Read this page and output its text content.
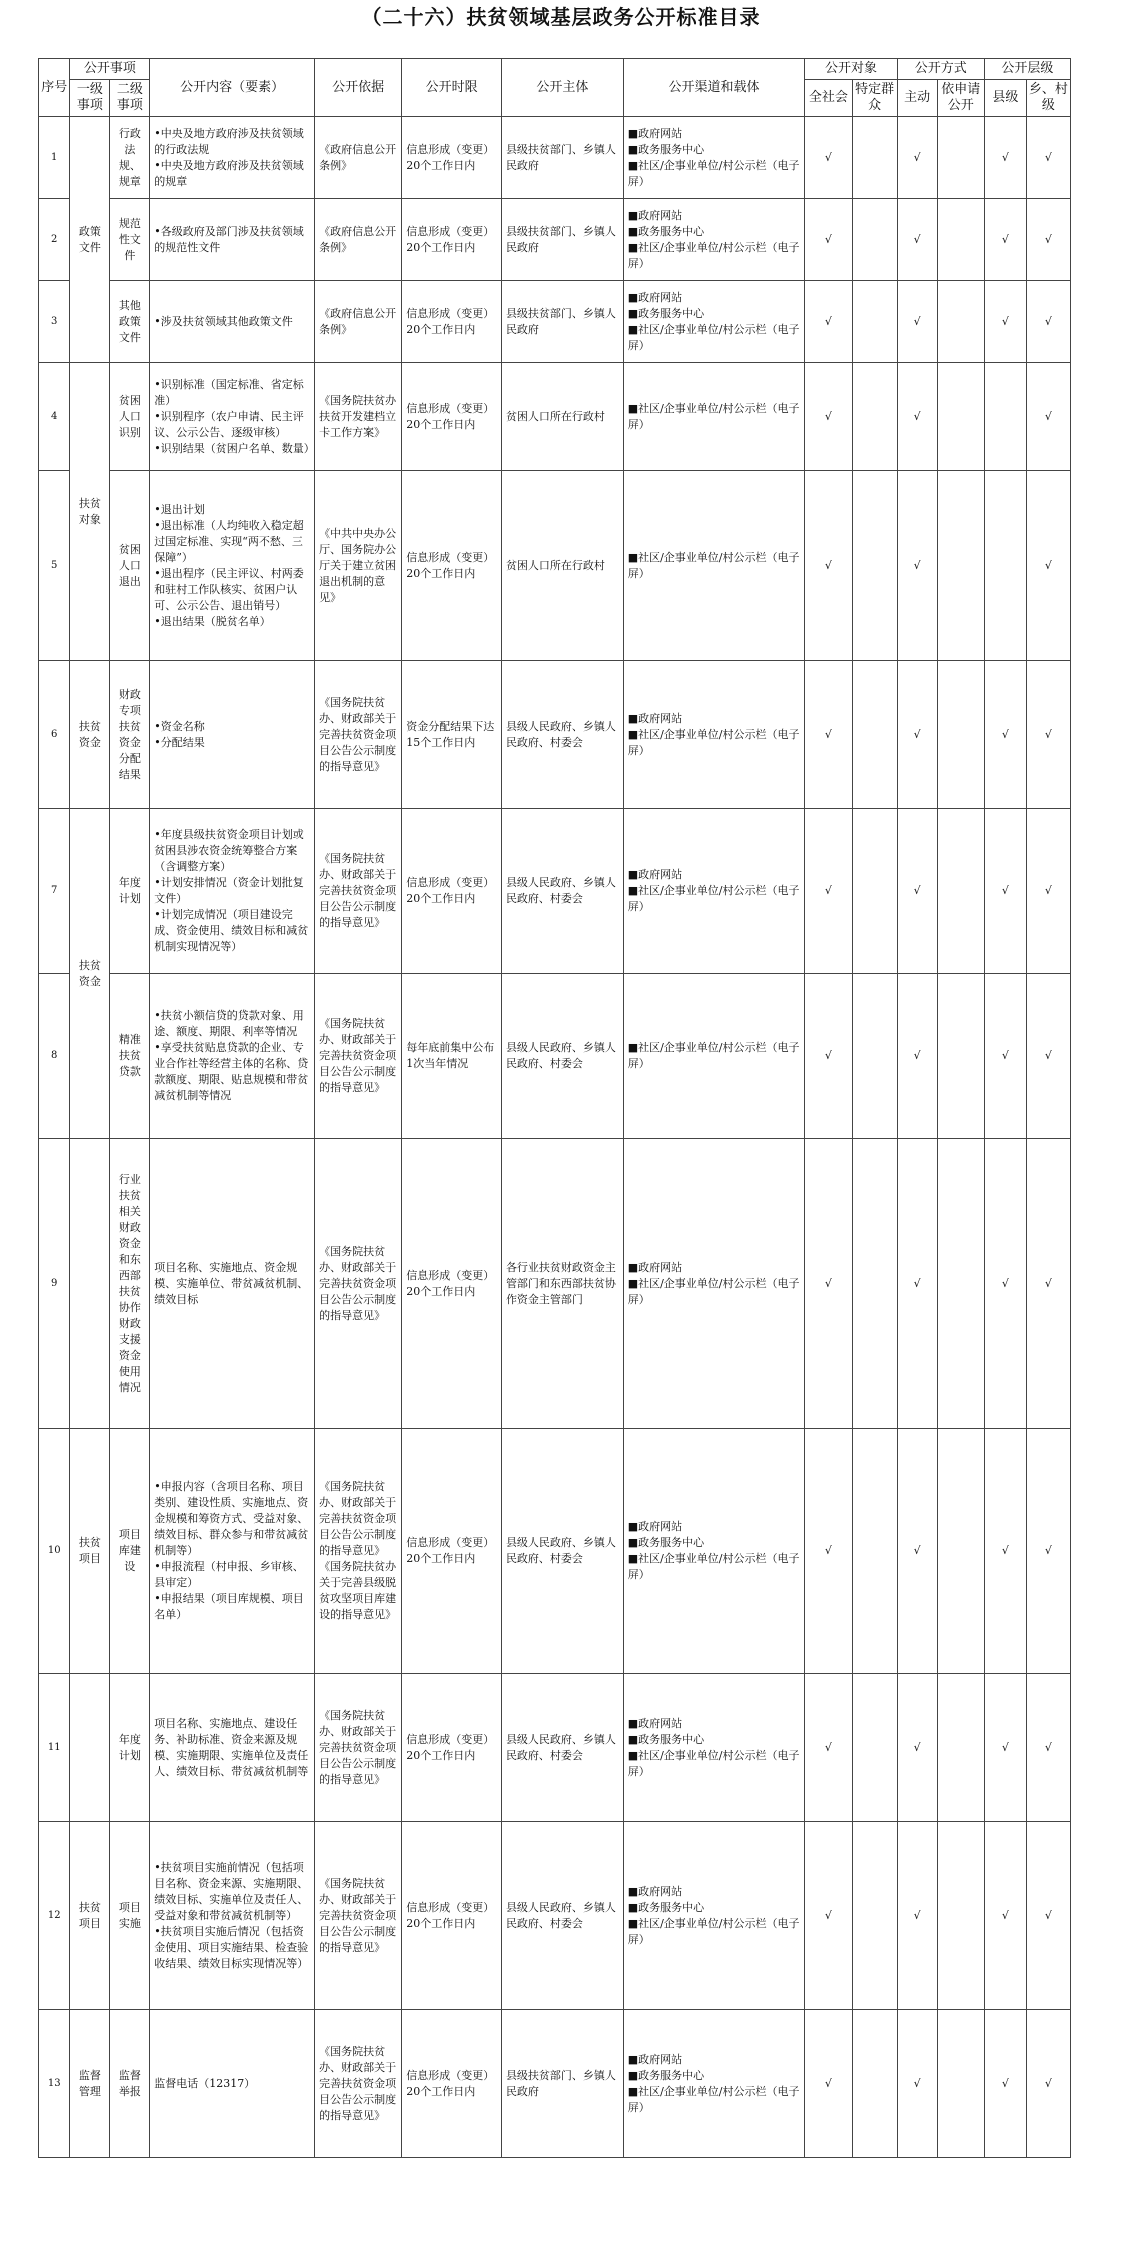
（二十六）扶贫领域基层政务公开标准目录
序号	公开事项		公开内容（要素）	公开依据	公开时限	公开主体	公开渠道和载体	公开对象		公开方式		公开层级	
	一级事项	二级事项						全社会	特定群众	主动	依申请公开	县级	乡、村级
1	政策文件	行政法规、规章	•中央及地方政府涉及扶贫领域的行政法规
•中央及地方政府涉及扶贫领域的规章	《政府信息公开条例》	信息形成（变更）20个工作日内	县级扶贫部门、乡镇人民政府	■政府网站
■政务服务中心
■社区/企事业单位/村公示栏（电子屏）	√		√		√	√
2		规范性文件	•各级政府及部门涉及扶贫领域的规范性文件	《政府信息公开条例》	信息形成（变更）20个工作日内	县级扶贫部门、乡镇人民政府	■政府网站
■政务服务中心
■社区/企事业单位/村公示栏（电子屏）	√		√		√	√
3		其他政策文件	•涉及扶贫领域其他政策文件	《政府信息公开条例》	信息形成（变更）20个工作日内	县级扶贫部门、乡镇人民政府	■政府网站
■政务服务中心
■社区/企事业单位/村公示栏（电子屏）	√		√		√	√
4	扶贫对象	贫困人口识别	•识别标准（国定标准、省定标准）
•识别程序（农户申请、民主评议、公示公告、逐级审核）
•识别结果（贫困户名单、数量）	《国务院扶贫办扶贫开发建档立卡工作方案》	信息形成（变更）20个工作日内	贫困人口所在行政村	■社区/企事业单位/村公示栏（电子屏）	√		√			√
5		贫困人口退出	•退出计划
•退出标准（人均纯收入稳定超过国定标准、实现“两不愁、三保障”）
•退出程序（民主评议、村两委和驻村工作队核实、贫困户认可、公示公告、退出销号）
•退出结果（脱贫名单）	《中共中央办公厅、国务院办公厅关于建立贫困退出机制的意见》	信息形成（变更）20个工作日内	贫困人口所在行政村	■社区/企事业单位/村公示栏（电子屏）	√		√			√
6	扶贫资金	财政专项扶贫资金分配结果	•资金名称
•分配结果	《国务院扶贫办、财政部关于完善扶贫资金项目公告公示制度的指导意见》	资金分配结果下达15个工作日内	县级人民政府、乡镇人民政府、村委会	■政府网站
■社区/企事业单位/村公示栏（电子屏）	√		√		√	√
7	扶贫资金	年度计划	•年度县级扶贫资金项目计划或贫困县涉农资金统筹整合方案（含调整方案）
•计划安排情况（资金计划批复文件）
•计划完成情况（项目建设完成、资金使用、绩效目标和减贫机制实现情况等）	《国务院扶贫办、财政部关于完善扶贫资金项目公告公示制度的指导意见》	信息形成（变更）20个工作日内	县级人民政府、乡镇人民政府、村委会	■政府网站
■社区/企事业单位/村公示栏（电子屏）	√		√		√	√
8		精准扶贫贷款	•扶贫小额信贷的贷款对象、用途、额度、期限、利率等情况
•享受扶贫贴息贷款的企业、专业合作社等经营主体的名称、贷款额度、期限、贴息规模和带贫减贫机制等情况	《国务院扶贫办、财政部关于完善扶贫资金项目公告公示制度的指导意见》	每年底前集中公布1次当年情况	县级人民政府、乡镇人民政府、村委会	■社区/企事业单位/村公示栏（电子屏）	√		√		√	√
9		行业扶贫相关财政资金和东西部扶贫协作财政支援资金使用情况	项目名称、实施地点、资金规模、实施单位、带贫减贫机制、绩效目标	《国务院扶贫办、财政部关于完善扶贫资金项目公告公示制度的指导意见》	信息形成（变更）20个工作日内	各行业扶贫财政资金主管部门和东西部扶贫协作资金主管部门	■政府网站
■社区/企事业单位/村公示栏（电子屏）	√		√		√	√
10	扶贫项目	项目库建设	•申报内容（含项目名称、项目类别、建设性质、实施地点、资金规模和筹资方式、受益对象、绩效目标、群众参与和带贫减贫机制等）
•申报流程（村申报、乡审核、县审定）
•申报结果（项目库规模、项目名单）	《国务院扶贫办、财政部关于完善扶贫资金项目公告公示制度的指导意见》《国务院扶贫办关于完善县级脱贫攻坚项目库建设的指导意见》	信息形成（变更）20个工作日内	县级人民政府、乡镇人民政府、村委会	■政府网站
■政务服务中心
■社区/企事业单位/村公示栏（电子屏）	√		√		√	√
11		年度计划	项目名称、实施地点、建设任务、补助标准、资金来源及规模、实施期限、实施单位及责任人、绩效目标、带贫减贫机制等	《国务院扶贫办、财政部关于完善扶贫资金项目公告公示制度的指导意见》	信息形成（变更）20个工作日内	县级人民政府、乡镇人民政府、村委会	■政府网站
■政务服务中心
■社区/企事业单位/村公示栏（电子屏）	√		√		√	√
12	扶贫项目	项目实施	•扶贫项目实施前情况（包括项目名称、资金来源、实施期限、绩效目标、实施单位及责任人、受益对象和带贫减贫机制等）
•扶贫项目实施后情况（包括资金使用、项目实施结果、检查验收结果、绩效目标实现情况等）	《国务院扶贫办、财政部关于完善扶贫资金项目公告公示制度的指导意见》	信息形成（变更）20个工作日内	县级人民政府、乡镇人民政府、村委会	■政府网站
■政务服务中心
■社区/企事业单位/村公示栏（电子屏）	√		√		√	√
13	监督管理	监督举报	监督电话（12317）	《国务院扶贫办、财政部关于完善扶贫资金项目公告公示制度的指导意见》	信息形成（变更）20个工作日内	县级扶贫部门、乡镇人民政府	■政府网站
■政务服务中心
■社区/企事业单位/村公示栏（电子屏）	√		√		√	√
